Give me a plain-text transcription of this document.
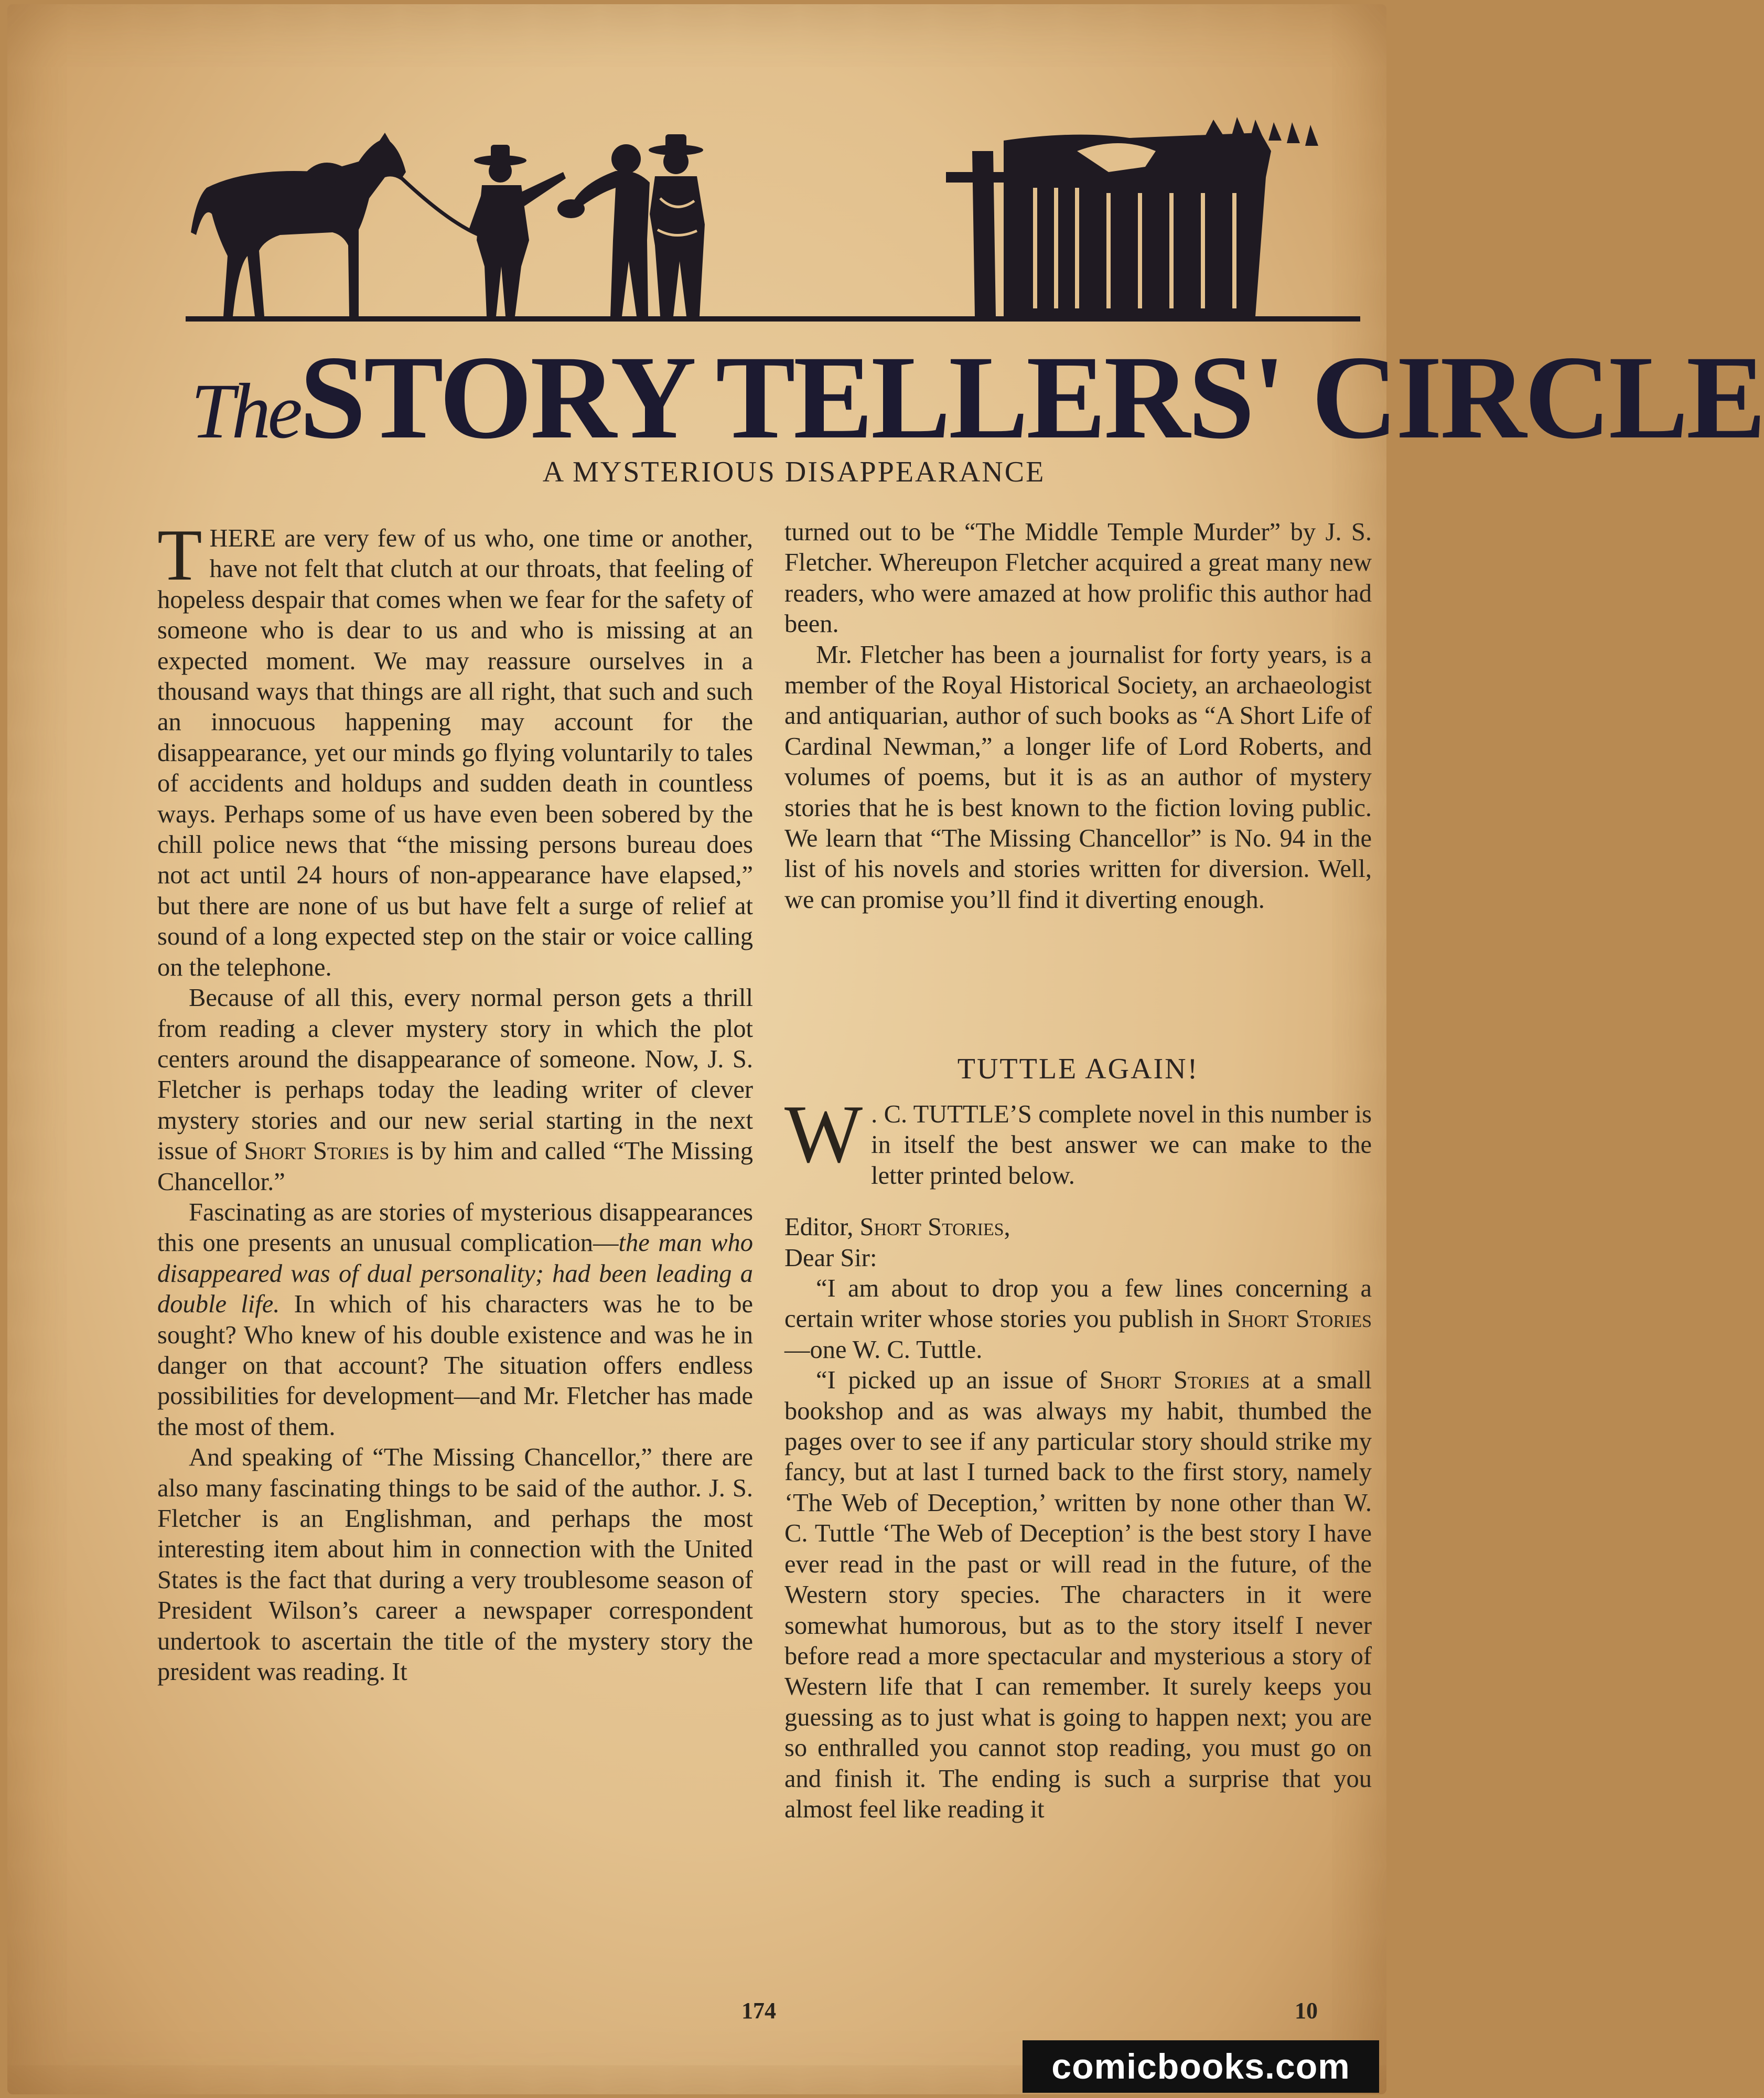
TheSTORY TELLERS' CIRCLE
A MYSTERIOUS DISAPPEARANCE

THERE are very few of us who, one time or another, have not felt that clutch at our throats, that feeling of hopeless despair that comes when we fear for the safety of someone who is dear to us and who is missing at an expected moment. We may reassure ourselves in a thousand ways that things are all right, that such and such an innocuous happening may account for the disappearance, yet our minds go flying voluntarily to tales of accidents and holdups and sudden death in countless ways. Perhaps some of us have even been sobered by the chill police news that “the missing persons bureau does not act until 24 hours of non-appearance have elapsed,” but there are none of us but have felt a surge of relief at sound of a long expected step on the stair or voice calling on the telephone.

Because of all this, every normal person gets a thrill from reading a clever mystery story in which the plot centers around the disappearance of someone. Now, J. S. Fletcher is perhaps today the leading writer of clever mystery stories and our new serial starting in the next issue of Short Stories is by him and called “The Missing Chancellor.”

Fascinating as are stories of mysterious disappearances this one presents an unusual complication—the man who disappeared was of dual personality; had been leading a double life. In which of his characters was he to be sought? Who knew of his double existence and was he in danger on that account? The situation offers endless possibilities for development—and Mr. Fletcher has made the most of them.

And speaking of “The Missing Chancellor,” there are also many fascinating things to be said of the author. J. S. Fletcher is an Englishman, and perhaps the most interesting item about him in connection with the United States is the fact that during a very troublesome season of President Wilson’s career a newspaper correspondent undertook to ascertain the title of the mystery story the president was reading. It

turned out to be “The Middle Temple Murder” by J. S. Fletcher. Whereupon Fletcher acquired a great many new readers, who were amazed at how prolific this author had been.

Mr. Fletcher has been a journalist for forty years, is a member of the Royal Historical Society, an archaeologist and antiquarian, author of such books as “A Short Life of Cardinal Newman,” a longer life of Lord Roberts, and volumes of poems, but it is as an author of mystery stories that he is best known to the fiction loving public. We learn that “The Missing Chancellor” is No. 94 in the list of his novels and stories written for diversion. Well, we can promise you’ll find it diverting enough.

TUTTLE AGAIN!

W . C. TUTTLE’S complete novel in this number is in itself the best answer we can make to the letter printed below.

Editor, Short Stories,

Dear Sir:

“I am about to drop you a few lines concerning a certain writer whose stories you publish in Short Stories—one W. C. Tuttle.

“I picked up an issue of Short Stories at a small bookshop and as was always my habit, thumbed the pages over to see if any particular story should strike my fancy, but at last I turned back to the first story, namely ‘The Web of Deception,’ written by none other than W. C. Tuttle ‘The Web of Deception’ is the best story I have ever read in the past or will read in the future, of the Western story species. The characters in it were somewhat humorous, but as to the story itself I never before read a more spectacular and mysterious a story of Western life that I can remember. It surely keeps you guessing as to just what is going to happen next; you are so enthralled you cannot stop reading, you must go on and finish it. The ending is such a surprise that you almost feel like reading it

174	10
comicbooks.com
